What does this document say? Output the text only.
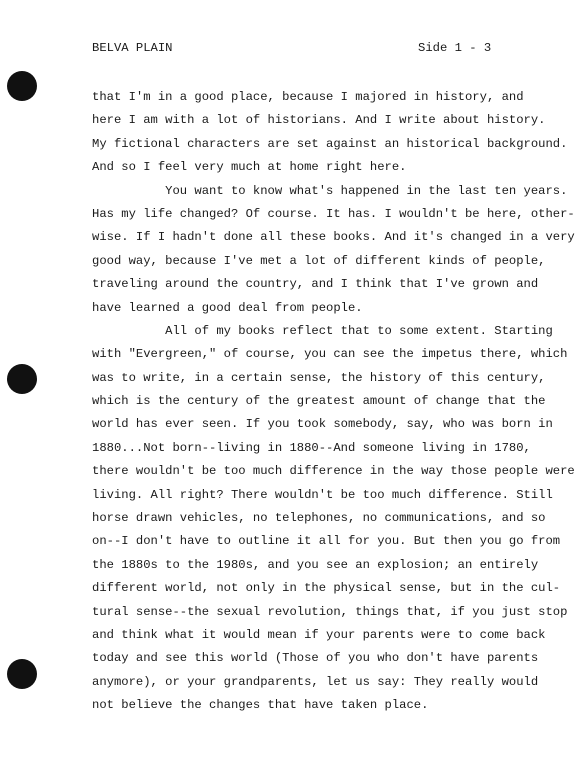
BELVA PLAIN	Side 1 - 3
that I'm in a good place, because I majored in history, and
here I am with a lot of historians. And I write about history.
My fictional characters are set against an historical background.
And so I feel very much at home right here.
You want to know what's happened in the last ten years.
Has my life changed? Of course. It has. I wouldn't be here, other-
wise. If I hadn't done all these books. And it's changed in a very
good way, because I've met a lot of different kinds of people,
traveling around the country, and I think that I've grown and
have learned a good deal from people.
All of my books reflect that to some extent. Starting
with "Evergreen," of course, you can see the impetus there, which
was to write, in a certain sense, the history of this century,
which is the century of the greatest amount of change that the
world has ever seen. If you took somebody, say, who was born in
1880...Not born--living in 1880--And someone living in 1780,
there wouldn't be too much difference in the way those people were
living. All right? There wouldn't be too much difference. Still
horse drawn vehicles, no telephones, no communications, and so
on--I don't have to outline it all for you. But then you go from
the 1880s to the 1980s, and you see an explosion; an entirely
different world, not only in the physical sense, but in the cul-
tural sense--the sexual revolution, things that, if you just stop
and think what it would mean if your parents were to come back
today and see this world (Those of you who don't have parents
anymore), or your grandparents, let us say: They really would
not believe the changes that have taken place.
